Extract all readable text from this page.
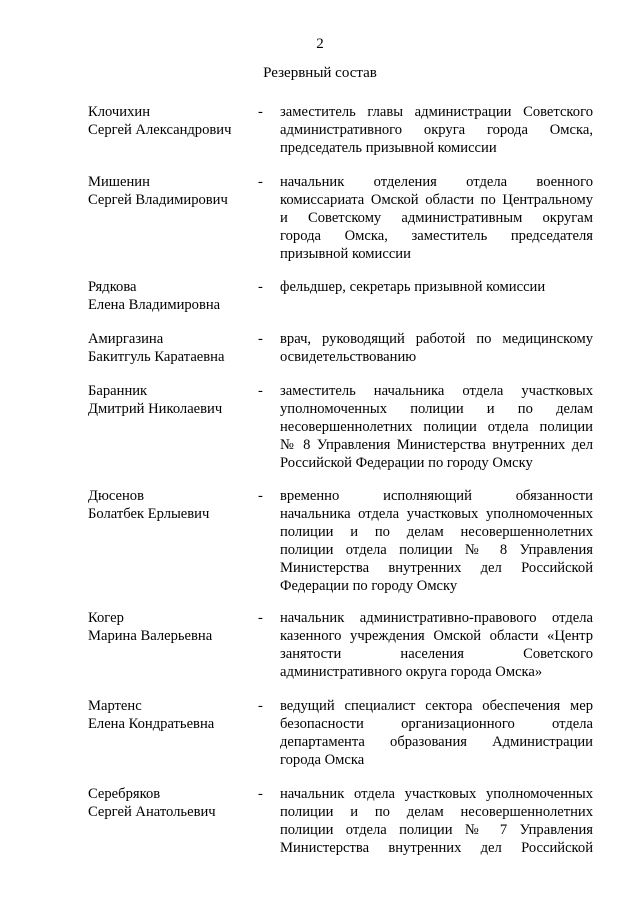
2
Резервный состав
Клочихин
Сергей Александрович
- заместитель главы администрации Советского
административного округа города Омска,
председатель призывной комиссии
Мишенин
Сергей Владимирович
- начальник отделения отдела военного
комиссариата Омской области по Центральному
и Советскому административным округам
города Омска, заместитель председателя
призывной комиссии
Рядкова
Елена Владимировна
- фельдшер, секретарь призывной комиссии
Амиргазина
Бакитгуль Каратаевна
- врач, руководящий работой по медицинскому
освидетельствованию
Баранник
Дмитрий Николаевич
- заместитель начальника отдела участковых
уполномоченных полиции и по делам
несовершеннолетних полиции отдела полиции
№ 8 Управления Министерства внутренних дел
Российской Федерации по городу Омску
Дюсенов
Болатбек Ерлыевич
- временно исполняющий обязанности
начальника отдела участковых уполномоченных
полиции и по делам несовершеннолетних
полиции отдела полиции № 8 Управления
Министерства внутренних дел Российской
Федерации по городу Омску
Когер
Марина Валерьевна
- начальник административно-правового отдела
казенного учреждения Омской области «Центр
занятости населения Советского
административного округа города Омска»
Мартенс
Елена Кондратьевна
- ведущий специалист сектора обеспечения мер
безопасности организационного отдела
департамента образования Администрации
города Омска
Серебряков
Сергей Анатольевич
- начальник отдела участковых уполномоченных
полиции и по делам несовершеннолетних
полиции отдела полиции № 7 Управления
Министерства внутренних дел Российской
